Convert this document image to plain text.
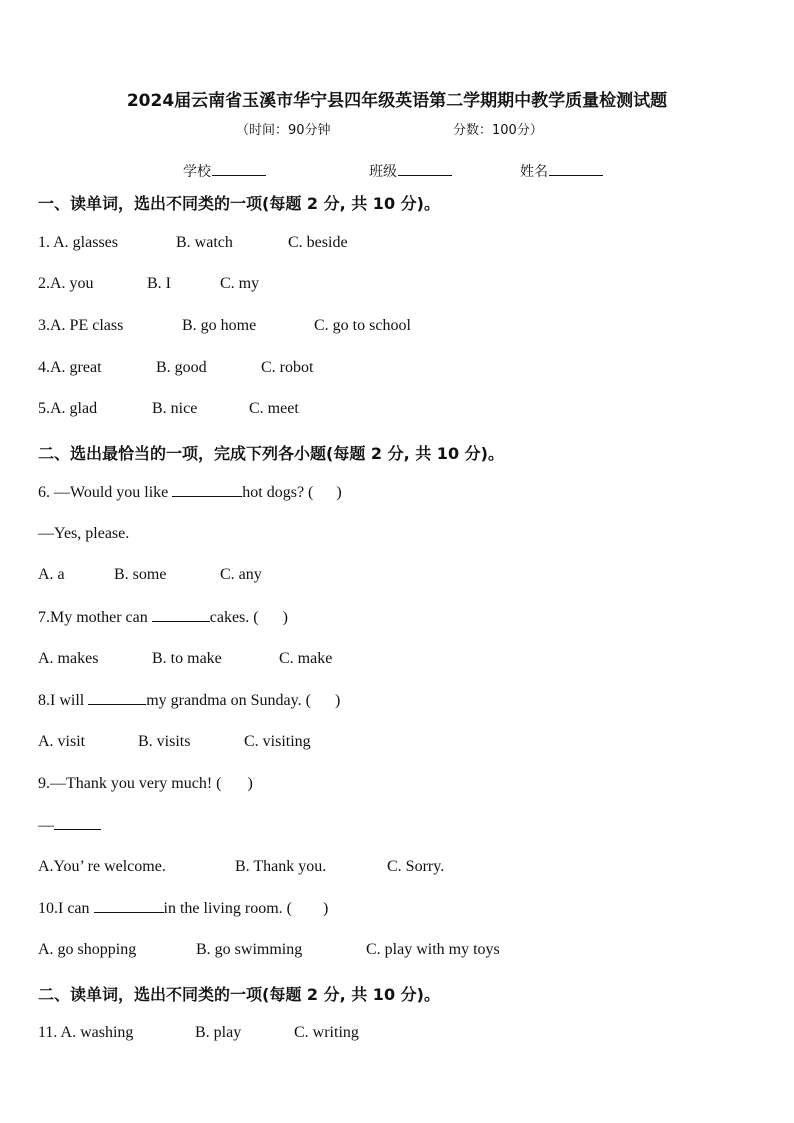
2024届云南省玉溪市华宁县四年级英语第二学期期中教学质量检测试题
（时间：90分钟	分数：100分）
学校	班级	姓名
一、读单词，选出不同类的一项(每题 2 分, 共 10 分)。
1. A. glasses	B. watch	C. beside
2.A. you	B. I	C. my
3.A. PE class	B. go home	C. go to school
4.A. great	B. good	C. robot
5.A. glad	B. nice	C. meet
二、选出最恰当的一项，完成下列各小题(每题 2 分, 共 10 分)。
6. —Would you like	hot dogs? ( )
—Yes, please.
A. a	B. some	C. any
7.My mother can	cakes. ( )
A. makes	B. to make	C. make
8.I will	my grandma on Sunday. ( )
A. visit	B. visits	C. visiting
9.—Thank you very much! ( )
—
A.You’ re welcome.	B. Thank you.	C. Sorry.
10.I can	in the living room. ( )
A. go shopping	B. go swimming	C. play with my toys
二、读单词，选出不同类的一项(每题 2 分, 共 10 分)。
11. A. washing	B. play	C. writing
